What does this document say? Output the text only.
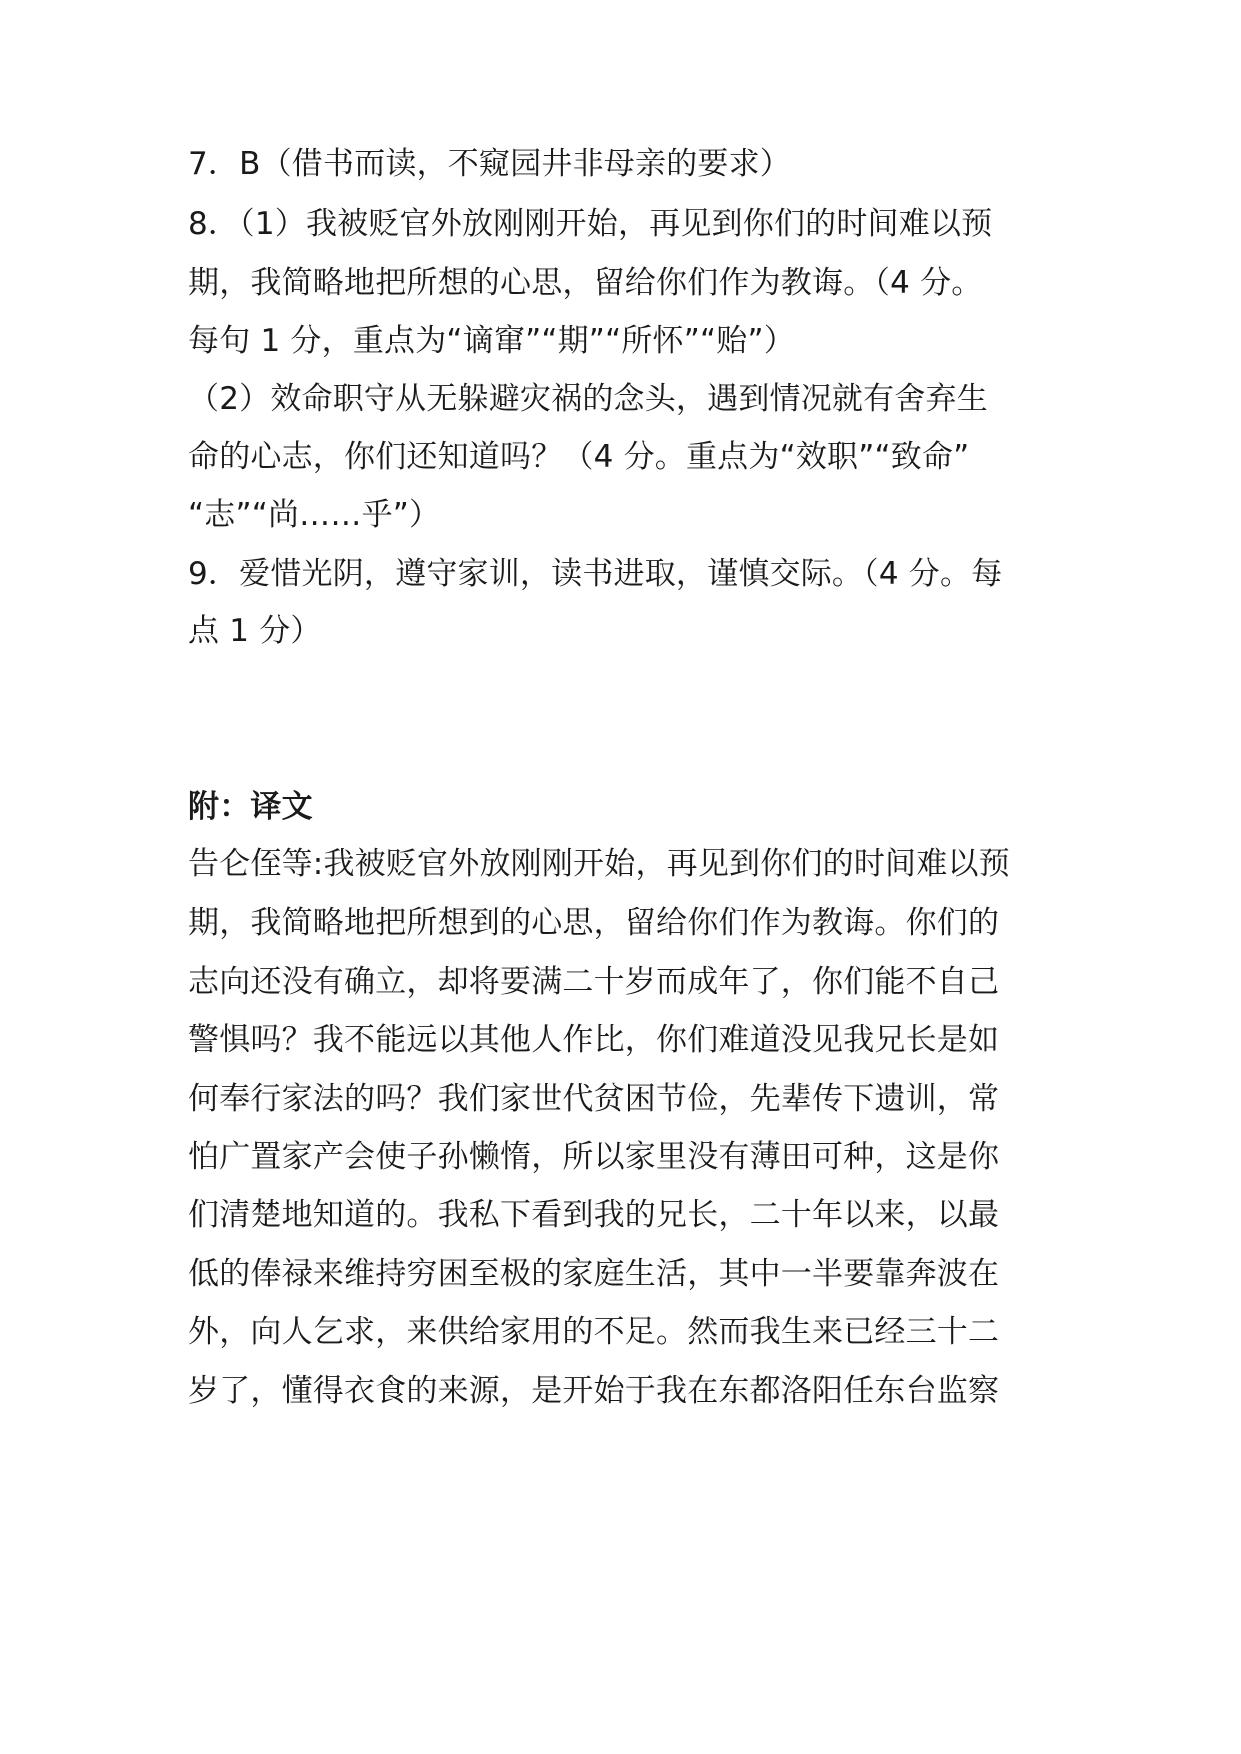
7．B（借书而读，不窥园井非母亲的要求）
8．（1）我被贬官外放刚刚开始，再见到你们的时间难以预
期，我简略地把所想的心思，留给你们作为教诲。（4 分。
每句 1 分，重点为“谪窜”“期”“所怀”“贻”）
（2）效命职守从无躲避灾祸的念头，遇到情况就有舍弃生
命的心志，你们还知道吗？（4 分。重点为“效职”“致命”
“志”“尚……乎”）
9．爱惜光阴，遵守家训，读书进取，谨慎交际。（4 分。每
点 1 分）
附：译文
告仑侄等:我被贬官外放刚刚开始，再见到你们的时间难以预
期，我简略地把所想到的心思，留给你们作为教诲。你们的
志向还没有确立，却将要满二十岁而成年了，你们能不自己
警惧吗？我不能远以其他人作比，你们难道没见我兄长是如
何奉行家法的吗？我们家世代贫困节俭，先辈传下遗训，常
怕广置家产会使子孙懒惰，所以家里没有薄田可种，这是你
们清楚地知道的。我私下看到我的兄长，二十年以来，以最
低的俸禄来维持穷困至极的家庭生活，其中一半要靠奔波在
外，向人乞求，来供给家用的不足。然而我生来已经三十二
岁了，懂得衣食的来源，是开始于我在东都洛阳任东台监察
